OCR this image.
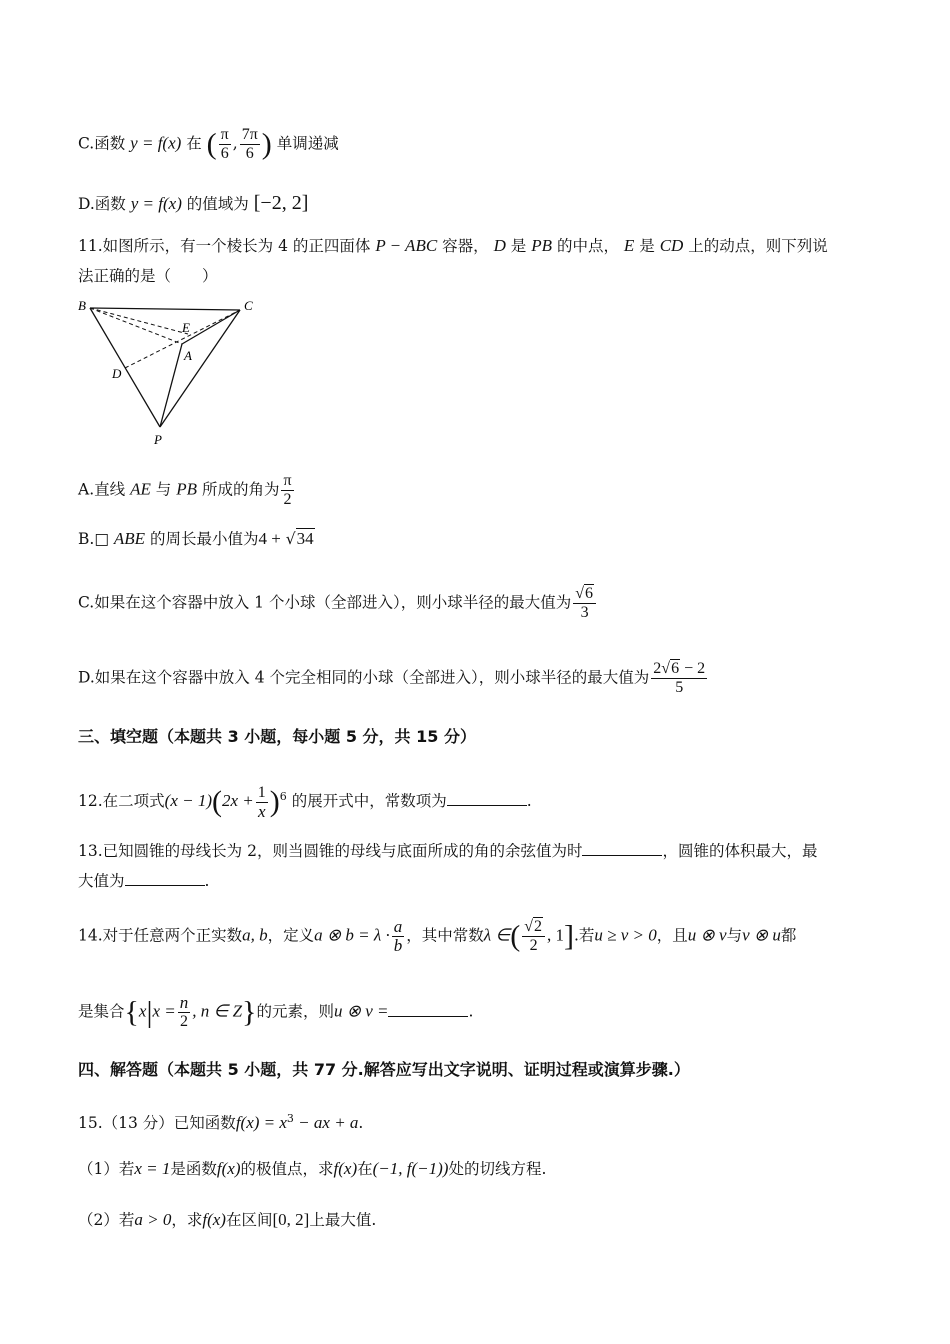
C.函数 y = f(x) 在 ( $\frac{\pi}{6}$ , $\frac{7\pi}{6}$ ) 单调递减
D.函数 y = f(x) 的值域为 [−2, 2]
11.如图所示，有一个棱长为 4 的正四面体 P − ABC 容器， D 是 PB 的中点， E 是 CD 上的动点，则下列说
法正确的是（　　）
B	C
E
A
D
P
A.直线 AE 与 PB 所成的角为 $\frac{\pi}{2}$
B.□ ABE 的周长最小值为4 + √34
C.如果在这个容器中放入 1 个小球（全部进入），则小球半径的最大值为 $\frac{√6}{3}$
D.如果在这个容器中放入 4 个完全相同的小球（全部进入），则小球半径的最大值为 $\frac{2√6 - 2}{5}$
三、填空题（本题共 3 小题，每小题 5 分，共 15 分）
12.在二项式$(x - 1)(2x + \frac{1}{x} )^6$ 的展开式中，常数项为	.
13.已知圆锥的母线长为 2，则当圆锥的母线与底面所成的角的余弦值为时	，圆锥的体积最大，最
大值为	.
14.对于任意两个正实数a, b，定义a ⊗ $b = \lambda \cdot \frac{a}{b}$ ，其中常数λ ∈( $\frac{√2}{2}$ , 1].若u ≥ v > 0，且u ⊗ v与v ⊗ u都
是集合{$x|x = \frac{n}{2}$ , n ∈ Z}的元素，则u ⊗ v =	.
四、解答题（本题共 5 小题，共 77 分.解答应写出文字说明、证明过程或演算步骤.）
15.（13 分）已知函数$f(x) = x^3$ − ax + a.
（1）若x = 1是函数f(x)的极值点，求f(x)在(−1, f(−1))处的切线方程.
（2）若a > 0，求f(x)在区间[0, 2]上最大值.
